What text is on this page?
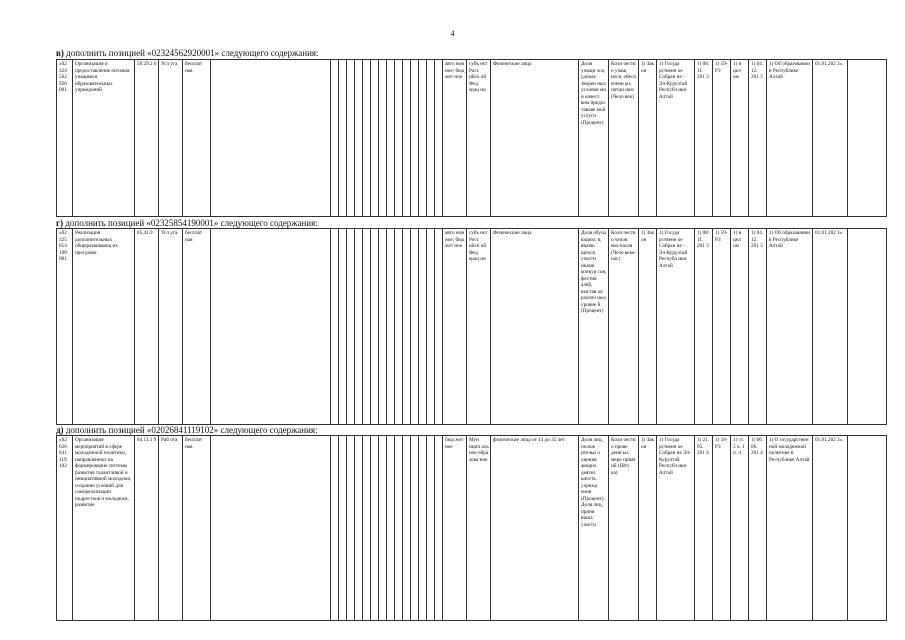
4
в) дополнить позицией «02324562920001» следующего содержания:
«02 324 562 920 001	Организация и предоставление питания учащимся образовательных учреждений	56.29.2 0	Усл уга	бесплат ная																авто ном ное; бюд жет ное	субъ ект Росс ийск ой Фед ерац ии	Физические лица	Доля учащи хся, удовле творен ных условия ми и качест вом предос тавляе мой услуги (Процент)	Коли честв о учащ ихся, обесп еченн ых питан ием (Чело век)	1) Зак он	1) Госуда рственн ое Собран ие - Эл-Курултай Республ ики Алтай	1) 08. 11. 201 3	1) 59-РЗ	1) в цел ом	1) 04. 12. 201 3	1) Об образовании в Республике Алтай	01.01.202 3».	
г) дополнить позицией «02325854190001» следующего содержания:
«02 325 854 190 001	Реализация дополнительных общеразвивающ их программ	85.41.9	Усл уга	бесплат ная																авто ном ное; бюд жет ное	субъ ект Росс ийск ой Фед ерац ии	Физические лица	Доля обуча ющихс я, являю щихся участн иками конкур сов, фестив алей, выстав ок различ ных уровне й (Процент)	Коли честв о челов еко-часов (Чело веко-час)	1) Зак он	1) Госуда рственн ое Собран ие - Эл-Курултай Республ ики Алтай	1) 08. 11. 201 3	1) 59-РЗ	1) в цел ом	1) 04. 12. 201 3	1) Об образовании в Республике Алтай	01.01.202 3».	
д) дополнить позицией «02026841119102» следующего содержания:
«02 026 841 119 102	Организация мероприятий в сфере молодежной политики, направленных на формирование системы развития талантливой и инициативной молодежи, создание условий для самореализации подростков и молодежи, развитие	84.11.1 9	Раб ота	бесплат ная																бюд жет ное	Мун ицип аль ное обра зова ние	физические лица от 14 до 35 лет	Доля лиц, полож ительн о оценив ающих деятел ьность учрежд ения (Процент), Доля лиц, приня вших участи	Коли честв о прове денн ых меро прият ий (Шту ка)	1) Зак он	1) Госуда рственн ое Собран ие Эл-Курултай Республ ики Алтай	1) 21. 05. 201 4	1) 18-РЗ	1) ст. 5 ч. 1 п. 4	1) 06. 06. 201 4	1) О государствен ной молодежной политике в Республике Алтай	01.01.202 3».	
